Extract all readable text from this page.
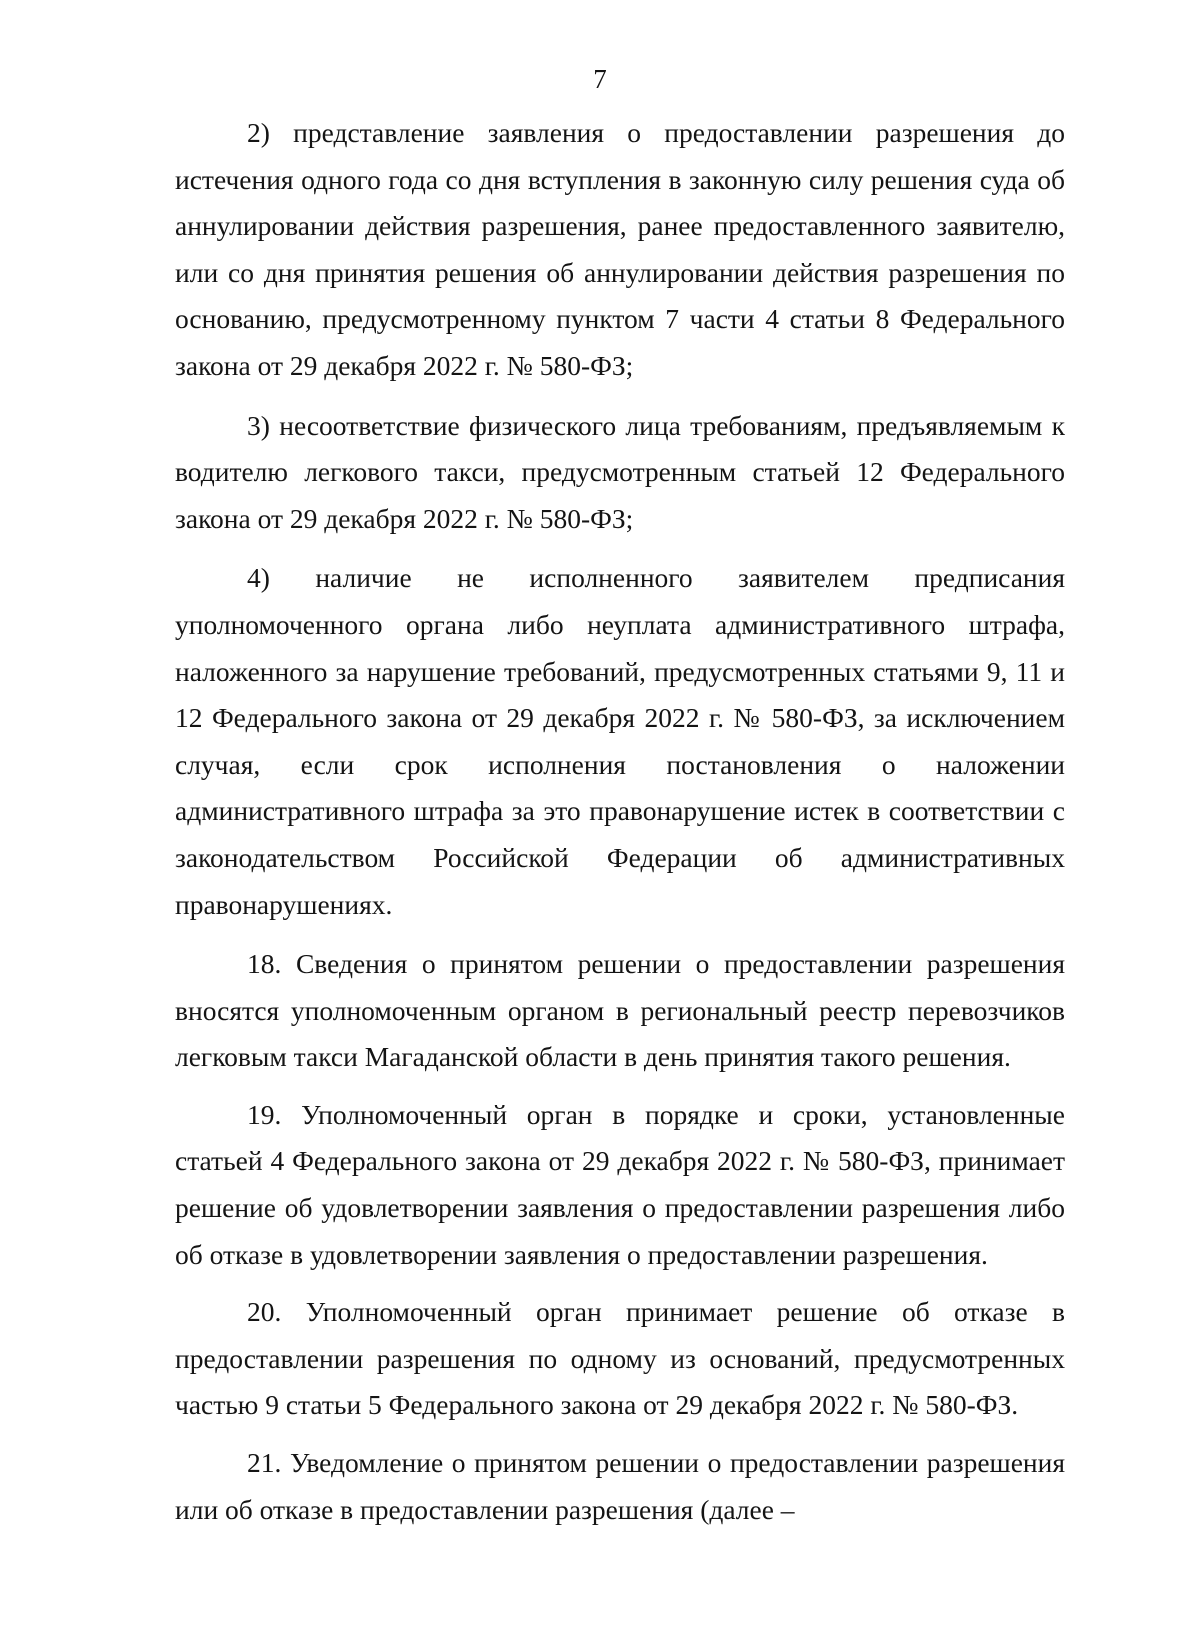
7

2) представление заявления о предоставлении разрешения до истечения одного года со дня вступления в законную силу решения суда об аннулировании действия разрешения, ранее предоставленного заявителю, или со дня принятия решения об аннулировании действия разрешения по основанию, предусмотренному пунктом 7 части 4 статьи 8 Федерального закона от 29 декабря 2022 г. № 580-ФЗ;

3) несоответствие физического лица требованиям, предъявляемым к водителю легкового такси, предусмотренным статьей 12 Федерального закона от 29 декабря 2022 г. № 580-ФЗ;

4) наличие не исполненного заявителем предписания уполномоченного органа либо неуплата административного штрафа, наложенного за нарушение требований, предусмотренных статьями 9, 11 и 12 Федерального закона от 29 декабря 2022 г. № 580-ФЗ, за исключением случая, если срок исполнения постановления о наложении административного штрафа за это правонарушение истек в соответствии с законодательством Российской Федерации об административных правонарушениях.

18. Сведения о принятом решении о предоставлении разрешения вносятся уполномоченным органом в региональный реестр перевозчиков легковым такси Магаданской области в день принятия такого решения.

19. Уполномоченный орган в порядке и сроки, установленные статьей 4 Федерального закона от 29 декабря 2022 г. № 580-ФЗ, принимает решение об удовлетворении заявления о предоставлении разрешения либо об отказе в удовлетворении заявления о предоставлении разрешения.

20. Уполномоченный орган принимает решение об отказе в предоставлении разрешения по одному из оснований, предусмотренных частью 9 статьи 5 Федерального закона от 29 декабря 2022 г. № 580-ФЗ.

21. Уведомление о принятом решении о предоставлении разрешения или об отказе в предоставлении разрешения (далее –
